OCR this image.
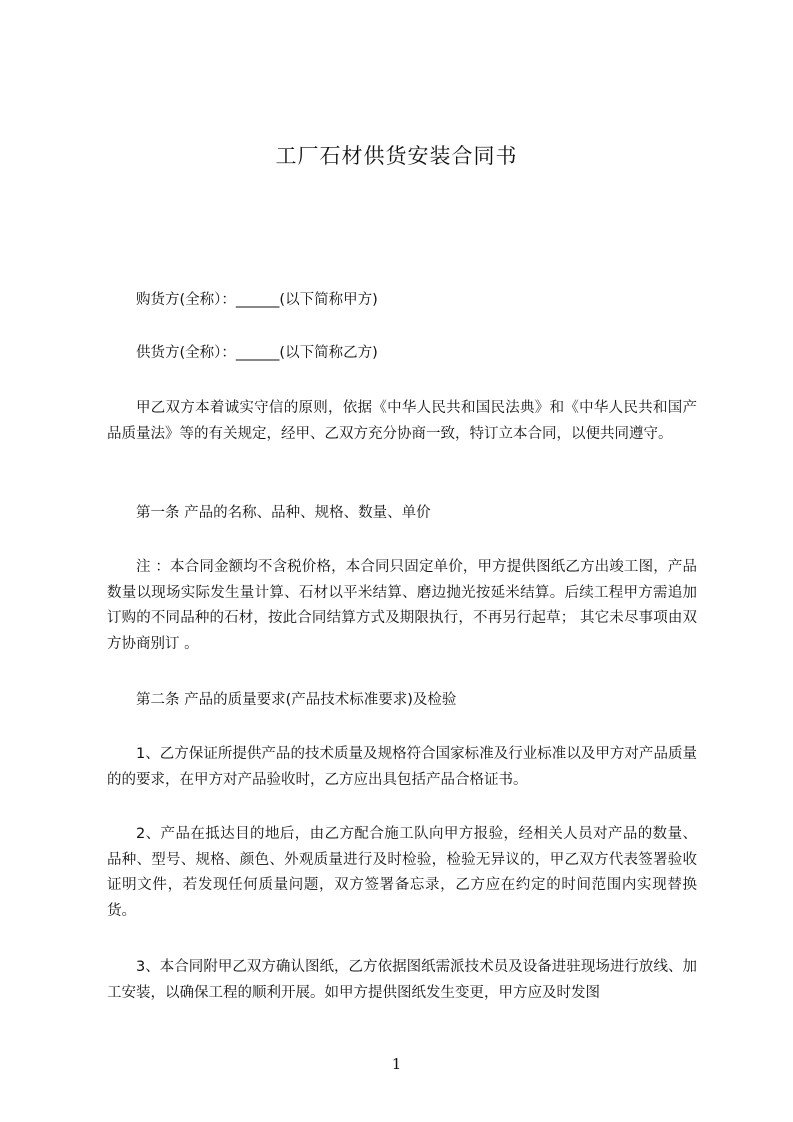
工厂石材供货安装合同书

购货方(全称）：______(以下简称甲方)

供货方(全称）：______(以下简称乙方)

甲乙双方本着诚实守信的原则，依据《中华人民共和国民法典》和《中华人民共和国产品质量法》等的有关规定，经甲、乙双方充分协商一致，特订立本合同，以便共同遵守。

第一条 产品的名称、品种、规格、数量、单价

注 ：本合同金额均不含税价格，本合同只固定单价，甲方提供图纸乙方出竣工图，产品数量以现场实际发生量计算、石材以平米结算、磨边抛光按延米结算。后续工程甲方需追加订购的不同品种的石材，按此合同结算方式及期限执行，不再另行起草； 其它未尽事项由双方协商别订 。

第二条 产品的质量要求(产品技术标准要求)及检验

1、乙方保证所提供产品的技术质量及规格符合国家标准及行业标准以及甲方对产品质量的的要求，在甲方对产品验收时，乙方应出具包括产品合格证书。

2、产品在抵达目的地后，由乙方配合施工队向甲方报验，经相关人员对产品的数量、 品种、型号、规格、颜色、外观质量进行及时检验，检验无异议的，甲乙双方代表签署验收证明文件，若发现任何质量问题，双方签署备忘录，乙方应在约定的时间范围内实现替换货。

3、本合同附甲乙双方确认图纸，乙方依据图纸需派技术员及设备进驻现场进行放线、加工安装，以确保工程的顺利开展。如甲方提供图纸发生变更，甲方应及时发图

1
